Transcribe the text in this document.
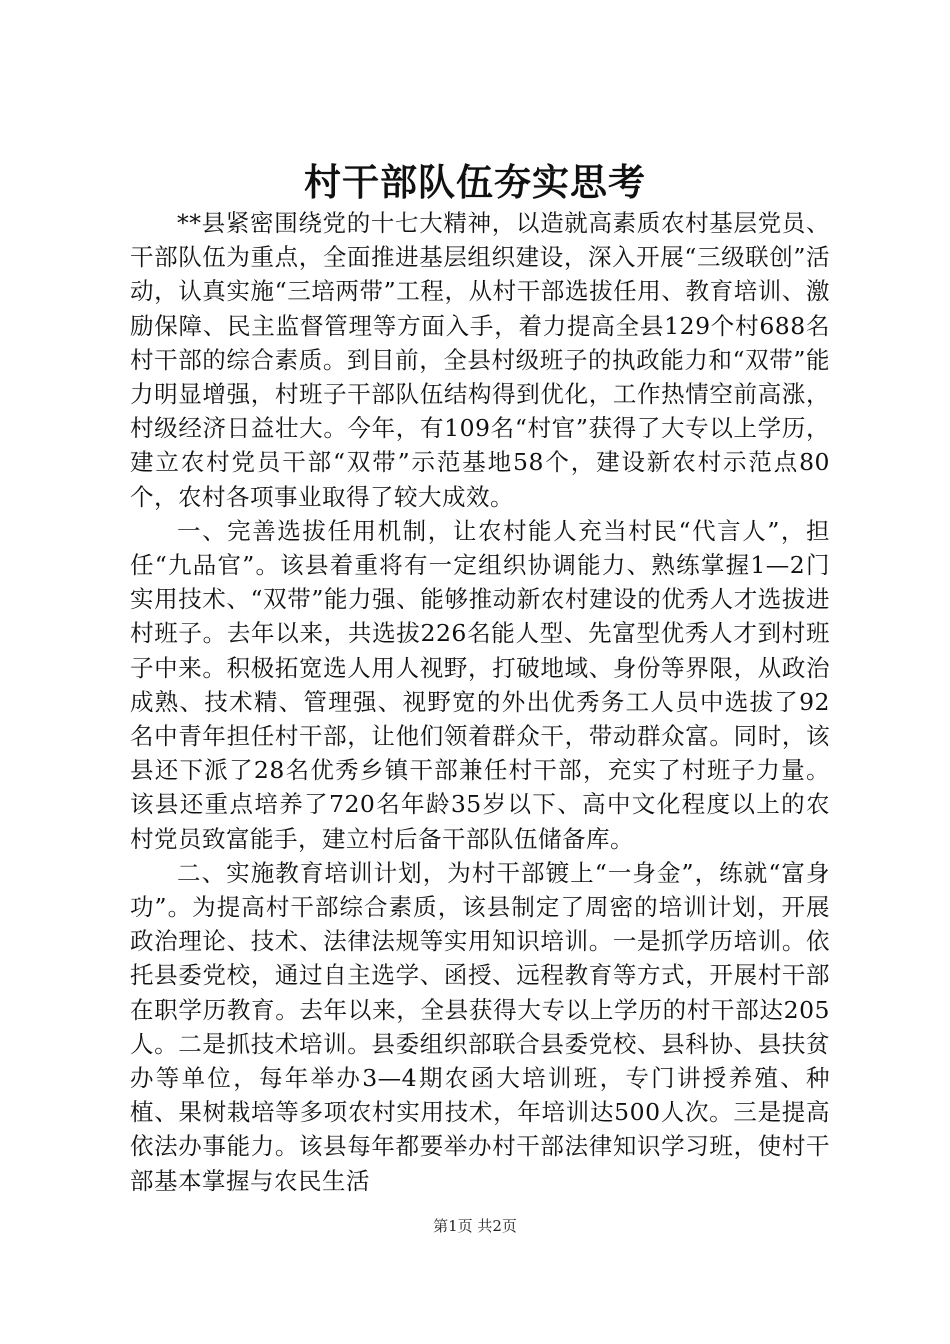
村干部队伍夯实思考

**县紧密围绕党的十七大精神，以造就高素质农村基层党员、干部队伍为重点，全面推进基层组织建设，深入开展“三级联创”活动，认真实施“三培两带”工程，从村干部选拔任用、教育培训、激励保障、民主监督管理等方面入手，着力提高全县129个村688名村干部的综合素质。到目前，全县村级班子的执政能力和“双带”能力明显增强，村班子干部队伍结构得到优化，工作热情空前高涨，村级经济日益壮大。今年，有109名“村官”获得了大专以上学历，建立农村党员干部“双带”示范基地58个，建设新农村示范点80个，农村各项事业取得了较大成效。

一、完善选拔任用机制，让农村能人充当村民“代言人”，担任“九品官”。该县着重将有一定组织协调能力、熟练掌握1—2门实用技术、“双带”能力强、能够推动新农村建设的优秀人才选拔进村班子。去年以来，共选拔226名能人型、先富型优秀人才到村班子中来。积极拓宽选人用人视野，打破地域、身份等界限，从政治成熟、技术精、管理强、视野宽的外出优秀务工人员中选拔了92名中青年担任村干部，让他们领着群众干，带动群众富。同时，该县还下派了28名优秀乡镇干部兼任村干部，充实了村班子力量。该县还重点培养了720名年龄35岁以下、高中文化程度以上的农村党员致富能手，建立村后备干部队伍储备库。

二、实施教育培训计划，为村干部镀上“一身金”，练就“富身功”。为提高村干部综合素质，该县制定了周密的培训计划，开展政治理论、技术、法律法规等实用知识培训。一是抓学历培训。依托县委党校，通过自主选学、函授、远程教育等方式，开展村干部在职学历教育。去年以来，全县获得大专以上学历的村干部达205人。二是抓技术培训。县委组织部联合县委党校、县科协、县扶贫办等单位，每年举办3—4期农函大培训班，专门讲授养殖、种植、果树栽培等多项农村实用技术，年培训达500人次。三是提高依法办事能力。该县每年都要举办村干部法律知识学习班，使村干部基本掌握与农民生活

第1页 共2页
